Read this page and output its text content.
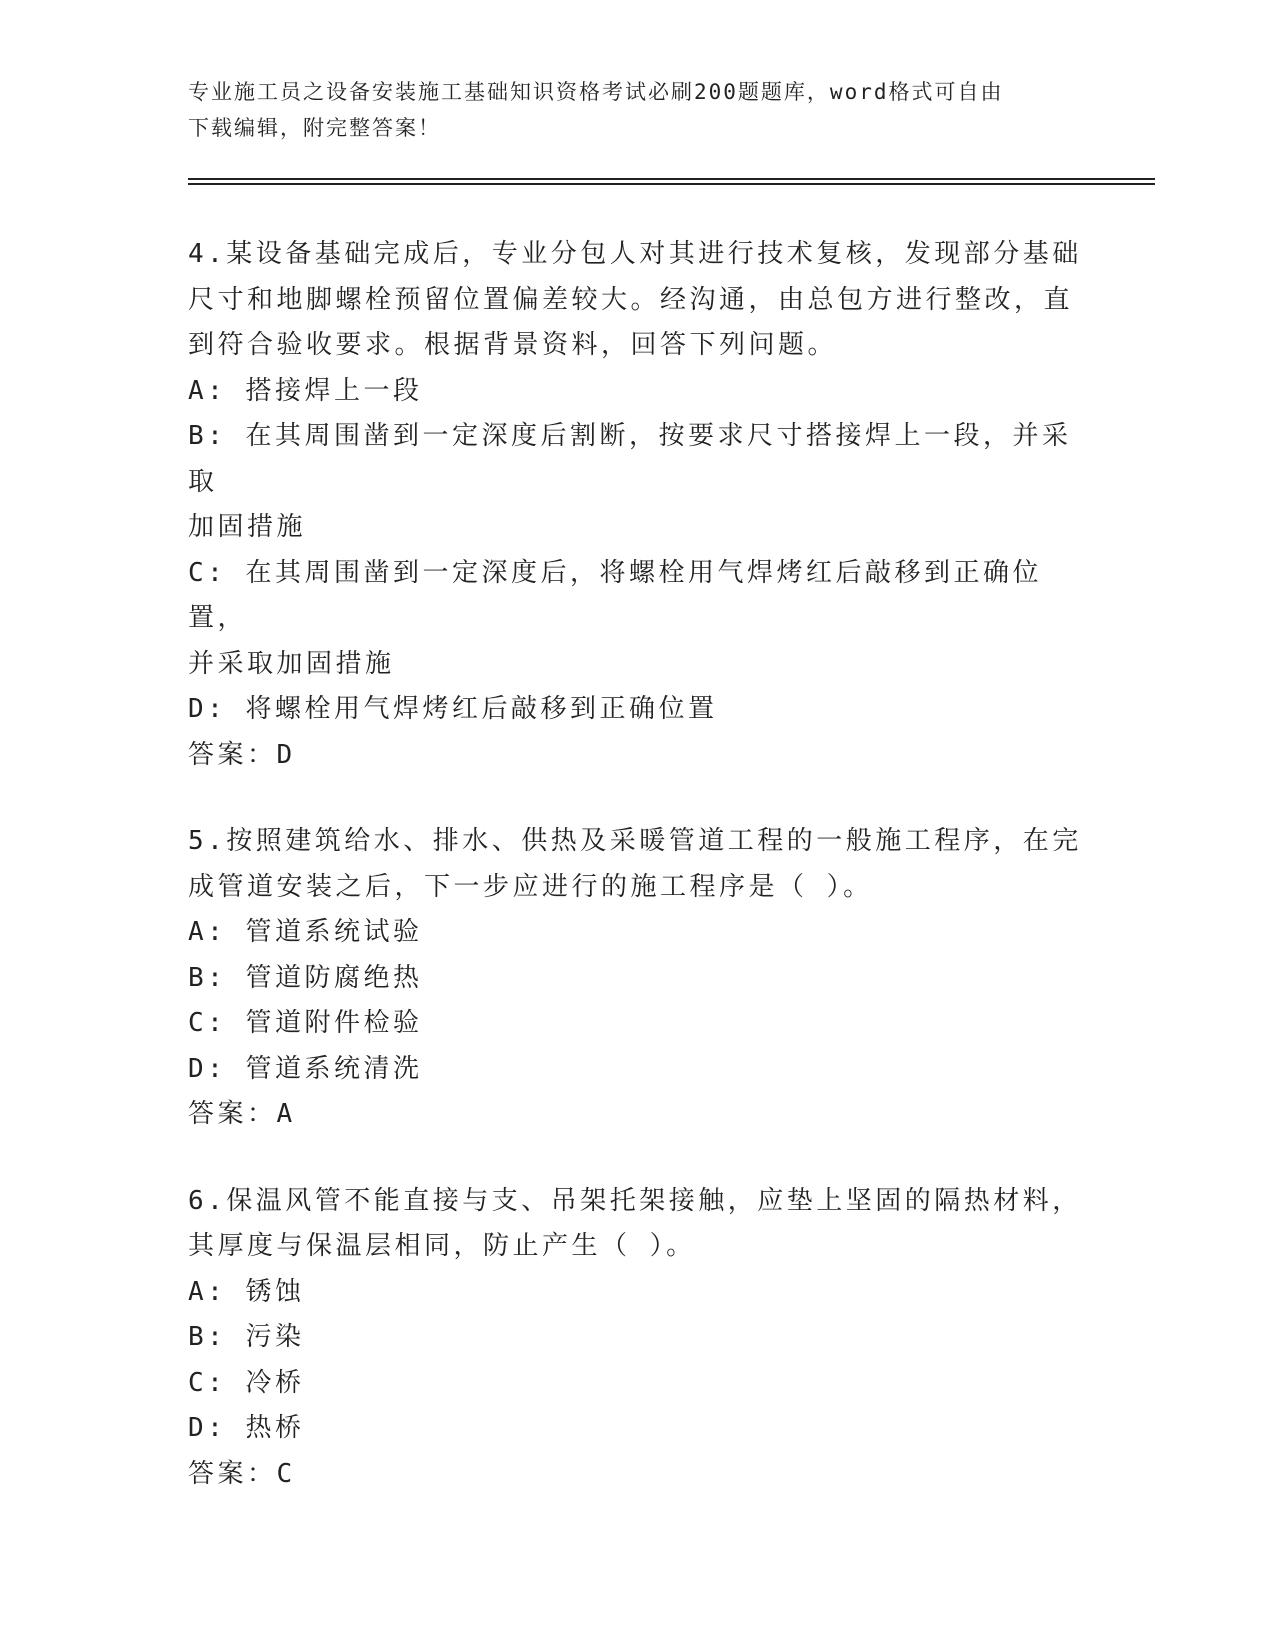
专业施工员之设备安装施工基础知识资格考试必刷200题题库，word格式可自由
下载编辑，附完整答案！
4.某设备基础完成后，专业分包人对其进行技术复核，发现部分基础
尺寸和地脚螺栓预留位置偏差较大。经沟通，由总包方进行整改，直
到符合验收要求。根据背景资料，回答下列问题。
A: 搭接焊上一段
B: 在其周围凿到一定深度后割断，按要求尺寸搭接焊上一段，并采取
加固措施
C: 在其周围凿到一定深度后，将螺栓用气焊烤红后敲移到正确位置，
并采取加固措施
D: 将螺栓用气焊烤红后敲移到正确位置
答案：D
5.按照建筑给水、排水、供热及采暖管道工程的一般施工程序，在完
成管道安装之后，下一步应进行的施工程序是（ ）。
A: 管道系统试验
B: 管道防腐绝热
C: 管道附件检验
D: 管道系统清洗
答案：A
6.保温风管不能直接与支、吊架托架接触，应垫上坚固的隔热材料，
其厚度与保温层相同，防止产生（ ）。
A: 锈蚀
B: 污染
C: 冷桥
D: 热桥
答案：C
